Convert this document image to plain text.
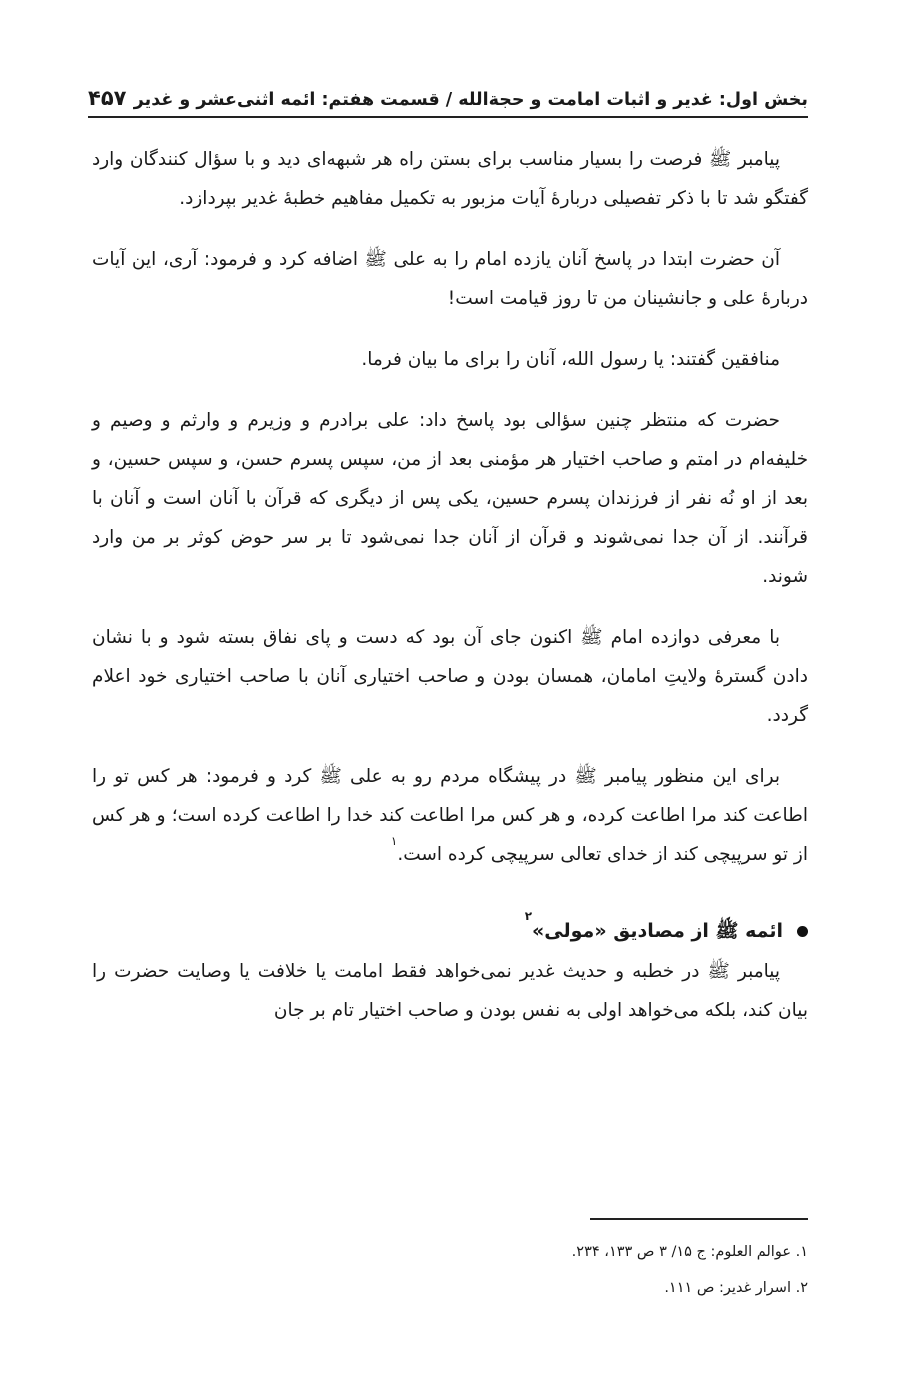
بخش اول: غدیر و اثبات امامت و حجةالله / قسمت هفتم: ائمه اثنی‌عشر و غدیر
۴۵۷

پیامبر ﷺ فرصت را بسیار مناسب برای بستن راه هر شبهه‌ای دید و با سؤال کنندگان وارد گفتگو شد تا با ذکر تفصیلی دربارهٔ آیات مزبور به تکمیل مفاهیم خطبهٔ غدیر بپردازد.

آن حضرت ابتدا در پاسخ آنان یازده امام را به علی ﷺ اضافه کرد و فرمود: آری، این آیات دربارهٔ علی و جانشینان من تا روز قیامت است!

منافقین گفتند: یا رسول الله، آنان را برای ما بیان فرما.

حضرت که منتظر چنین سؤالی بود پاسخ داد: علی برادرم و وزیرم و وارثم و وصیم و خلیفه‌ام در امتم و صاحب اختیار هر مؤمنی بعد از من، سپس پسرم حسن، و سپس حسین، و بعد از او نُه نفر از فرزندان پسرم حسین، یکی پس از دیگری که قرآن با آنان است و آنان با قرآنند. از آن جدا نمی‌شوند و قرآن از آنان جدا نمی‌شود تا بر سر حوض کوثر بر من وارد شوند.

با معرفی دوازده امام ﷺ اکنون جای آن بود که دست و پای نفاق بسته شود و با نشان دادن گسترهٔ ولایتِ امامان، همسان بودن و صاحب اختیاری آنان با صاحب اختیاری خود اعلام گردد.

برای این منظور پیامبر ﷺ در پیشگاه مردم رو به علی ﷺ کرد و فرمود: هر کس تو را اطاعت کند مرا اطاعت کرده، و هر کس مرا اطاعت کند خدا را اطاعت کرده است؛ و هر کس از تو سرپیچی کند از خدای تعالی سرپیچی کرده است.$^۱$

ائمه ﷺ از مصادیق «مولی»$^۲$

پیامبر ﷺ در خطبه و حدیث غدیر نمی‌خواهد فقط امامت یا خلافت یا وصایت حضرت را بیان کند، بلکه می‌خواهد اولی به نفس بودن و صاحب اختیار تام بر جان

۱. عوالم العلوم: ج ۱۵/ ۳ ص ۱۳۳، ۲۳۴.

۲. اسرار غدیر: ص ۱۱۱.
